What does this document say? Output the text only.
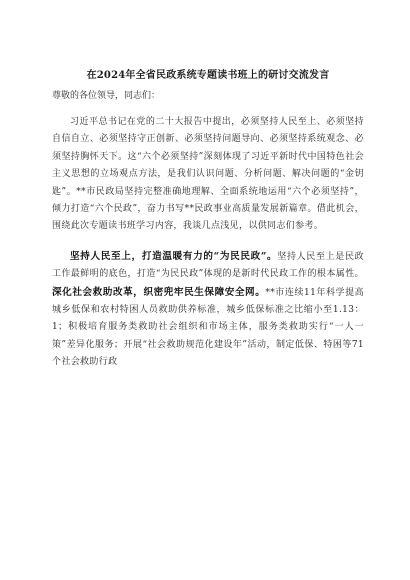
在2024年全省民政系统专题读书班上的研讨交流发言
尊敬的各位领导，同志们：

习近平总书记在党的二十大报告中提出，必须坚持人民至上、必须坚持自信自立、必须坚持守正创新、必须坚持问题导向、必须坚持系统观念、必须坚持胸怀天下。这“六个必须坚持”深刻体现了习近平新时代中国特色社会主义思想的立场观点方法，是我们认识问题、分析问题、解决问题的“金钥匙”。**市民政局坚持完整准确地理解、全面系统地运用“六个必须坚持”，倾力打造“六个民政”，奋力书写**民政事业高质量发展新篇章。借此机会，围绕此次专题读书班学习内容，我谈几点浅见，以供同志们参考。

坚持人民至上，打造温暖有力的“为民民政”。坚持人民至上是民政工作最鲜明的底色，打造“为民民政”体现的是新时代民政工作的根本属性。深化社会救助改革，织密兜牢民生保障安全网。**市连续11年科学提高城乡低保和农村特困人员救助供养标准，城乡低保标准之比缩小至1.13：1；积极培育服务类救助社会组织和市场主体，服务类救助实行“一人一策”差异化服务；开展“社会救助规范化建设年”活动，制定低保、特困等71个社会救助行政
